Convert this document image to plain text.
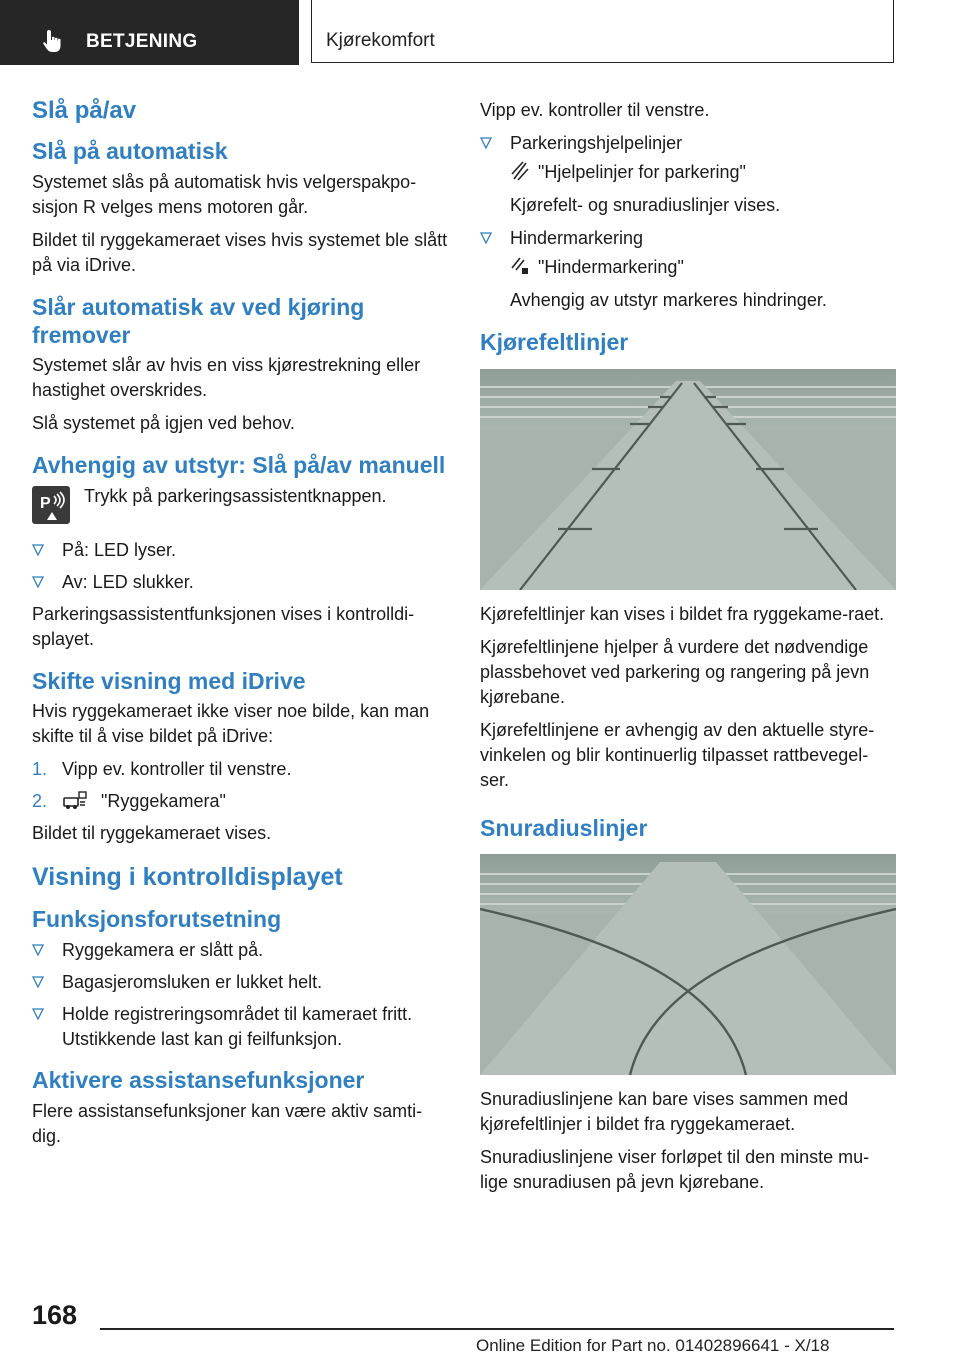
BETJENING	Kjørekomfort
Slå på/av
Slå på automatisk

Systemet slås på automatisk hvis velgerspakpo-sisjon R velges mens motoren går.

Bildet til ryggekameraet vises hvis systemet ble slått på via iDrive.

Slår automatisk av ved kjøring fremover

Systemet slår av hvis en viss kjørestrekning eller hastighet overskrides.

Slå systemet på igjen ved behov.

Avhengig av utstyr: Slå på/av manuell
P Trykk på parkeringsassistentknappen.

På: LED lyser.
Av: LED slukker.

Parkeringsassistentfunksjonen vises i kontrolldi-splayet.

Skifte visning med iDrive

Hvis ryggekameraet ikke viser noe bilde, kan man skifte til å vise bildet på iDrive:

1. Vipp ev. kontroller til venstre.
2.	"Ryggekamera"

Bildet til ryggekameraet vises.

Visning i kontrolldisplayet
Funksjonsforutsetning
Ryggekamera er slått på.
Bagasjeromsluken er lukket helt.
Holde registreringsområdet til kameraet fritt. Utstikkende last kan gi feilfunksjon.
Aktivere assistansefunksjoner

Flere assistansefunksjoner kan være aktiv samti-dig.

Vipp ev. kontroller til venstre.

Parkeringshjelpelinjer
"Hjelpelinjer for parkering"
Kjørefelt- og snuradiuslinjer vises.
Hindermarkering
"Hindermarkering"
Avhengig av utstyr markeres hindringer.
Kjørefeltlinjer

Kjørefeltlinjer kan vises i bildet fra ryggekame-raet.

Kjørefeltlinjene hjelper å vurdere det nødvendige plassbehovet ved parkering og rangering på jevn kjørebane.

Kjørefeltlinjene er avhengig av den aktuelle styre-vinkelen og blir kontinuerlig tilpasset rattbevegel-ser.

Snuradiuslinjer

Snuradiuslinjene kan bare vises sammen med kjørefeltlinjer i bildet fra ryggekameraet.

Snuradiuslinjene viser forløpet til den minste mu-lige snuradiusen på jevn kjørebane.

168
Online Edition for Part no. 01402896641 - X/18
